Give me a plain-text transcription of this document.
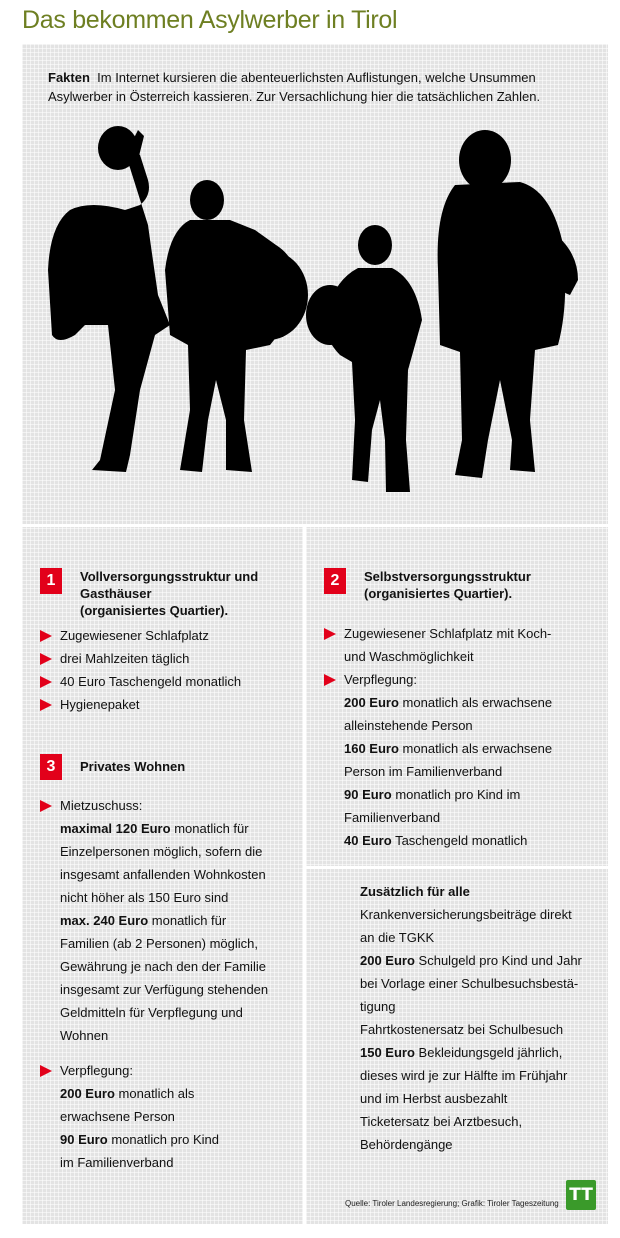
Das bekommen Asylwerber in Tirol
Fakten Im Internet kursieren die abenteuerlichsten Auflistungen, welche Unsummen Asylwerber in Österreich kassieren. Zur Versachlichung hier die tatsächlichen Zahlen.
1	Vollversorgungsstruktur und
Gasthäuser
(organisiertes Quartier).
Zugewiesener Schlafplatz
drei Mahlzeiten täglich
40 Euro Taschengeld monatlich
Hygienepaket
3	Privates Wohnen
Mietzuschuss:
maximal 120 Euro monatlich für
Einzelpersonen möglich, sofern die
insgesamt anfallenden Wohnkosten
nicht höher als 150 Euro sind
max. 240 Euro monatlich für
Familien (ab 2 Personen) möglich,
Gewährung je nach den der Familie
insgesamt zur Verfügung stehenden
Geldmitteln für Verpflegung und
Wohnen
Verpflegung:
200 Euro monatlich als
erwachsene Person
90 Euro monatlich pro Kind
im Familienverband
2	Selbstversorgungsstruktur
(organisiertes Quartier).
Zugewiesener Schlafplatz mit Koch-
und Waschmöglichkeit
Verpflegung:
200 Euro monatlich als erwachsene
alleinstehende Person
160 Euro monatlich als erwachsene
Person im Familienverband
90 Euro monatlich pro Kind im
Familienverband
40 Euro Taschengeld monatlich
Zusätzlich für alle
Krankenversicherungsbeiträge direkt
an die TGKK
200 Euro Schulgeld pro Kind und Jahr
bei Vorlage einer Schulbesuchsbestä-
tigung
Fahrtkostenersatz bei Schulbesuch
150 Euro Bekleidungsgeld jährlich,
dieses wird je zur Hälfte im Frühjahr
und im Herbst ausbezahlt
Ticketersatz bei Arztbesuch,
Behördengänge
Quelle: Tiroler Landesregierung; Grafik: Tiroler Tageszeitung TT
